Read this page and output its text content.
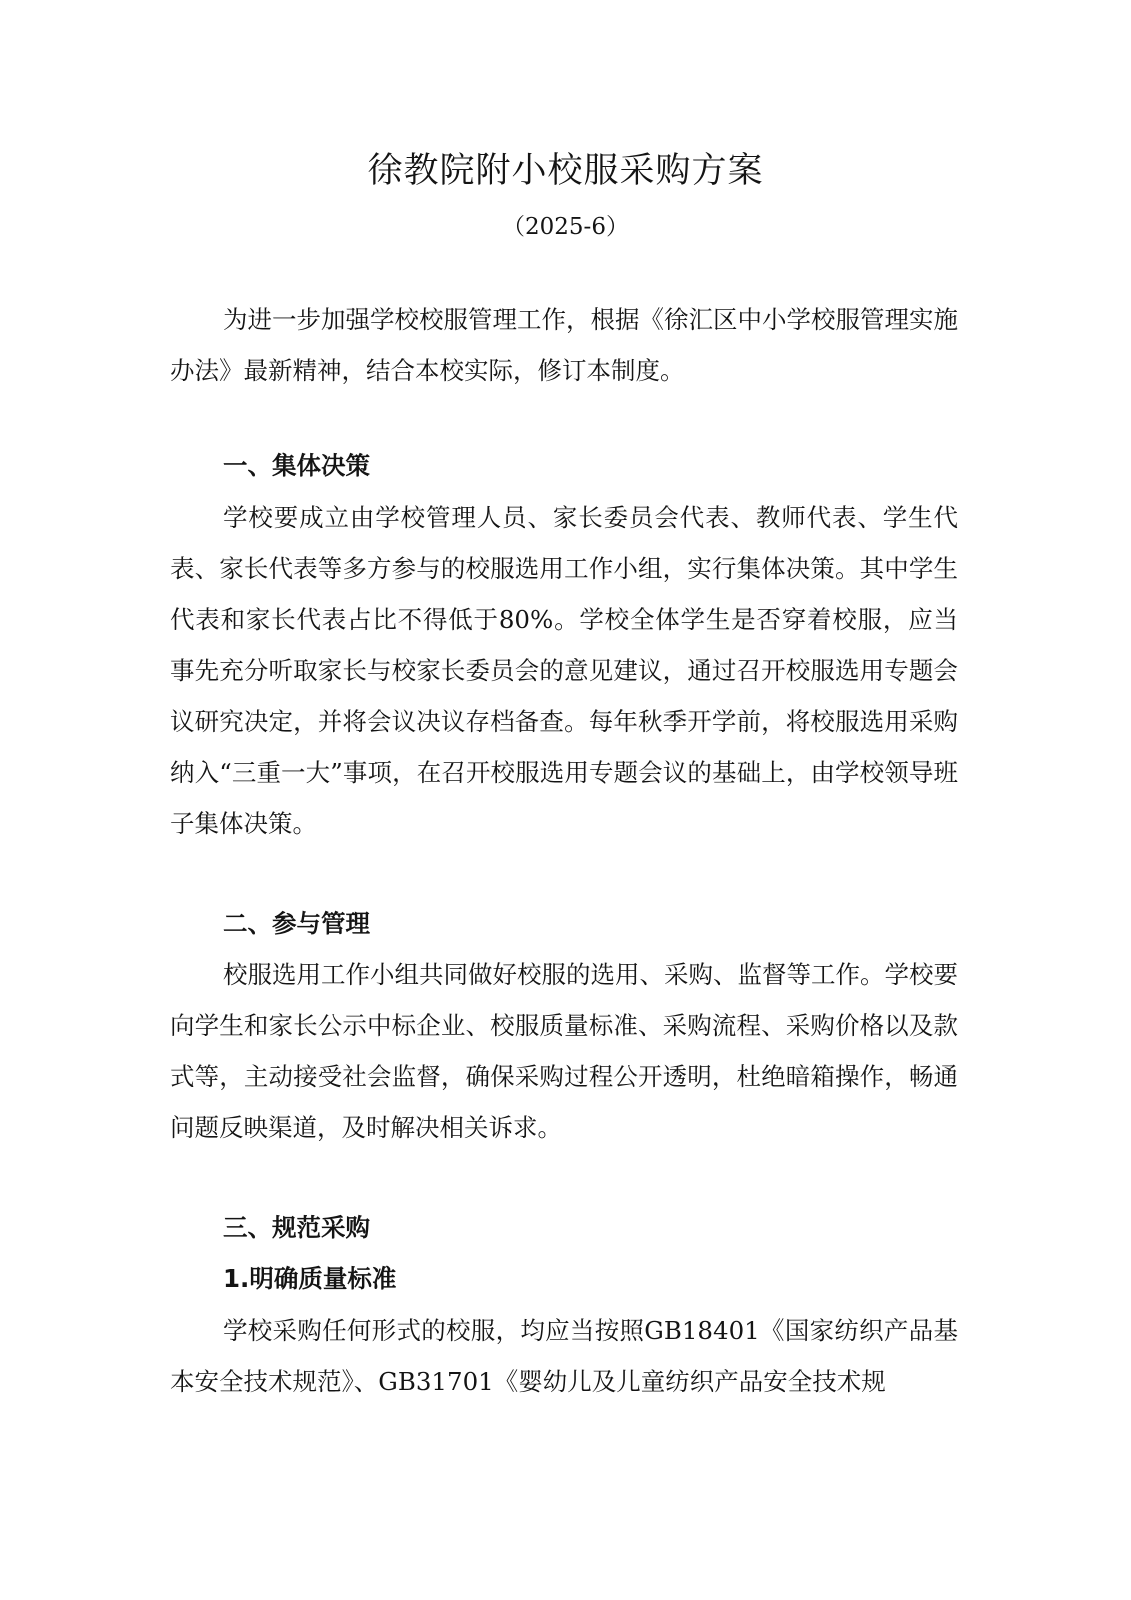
徐教院附小校服采购方案

（2025-6）

为进一步加强学校校服管理工作，根据《徐汇区中小学校服管理实施办法》最新精神，结合本校实际，修订本制度。

一、集体决策

学校要成立由学校管理人员、家长委员会代表、教师代表、学生代表、家长代表等多方参与的校服选用工作小组，实行集体决策。其中学生代表和家长代表占比不得低于80%。学校全体学生是否穿着校服，应当事先充分听取家长与校家长委员会的意见建议，通过召开校服选用专题会议研究决定，并将会议决议存档备查。每年秋季开学前，将校服选用采购纳入“三重一大”事项，在召开校服选用专题会议的基础上，由学校领导班子集体决策。

二、参与管理

校服选用工作小组共同做好校服的选用、采购、监督等工作。学校要向学生和家长公示中标企业、校服质量标准、采购流程、采购价格以及款式等，主动接受社会监督，确保采购过程公开透明，杜绝暗箱操作，畅通问题反映渠道，及时解决相关诉求。

三、规范采购
1.明确质量标准

学校采购任何形式的校服，均应当按照GB18401《国家纺织产品基本安全技术规范》、GB31701《婴幼儿及儿童纺织产品安全技术规
